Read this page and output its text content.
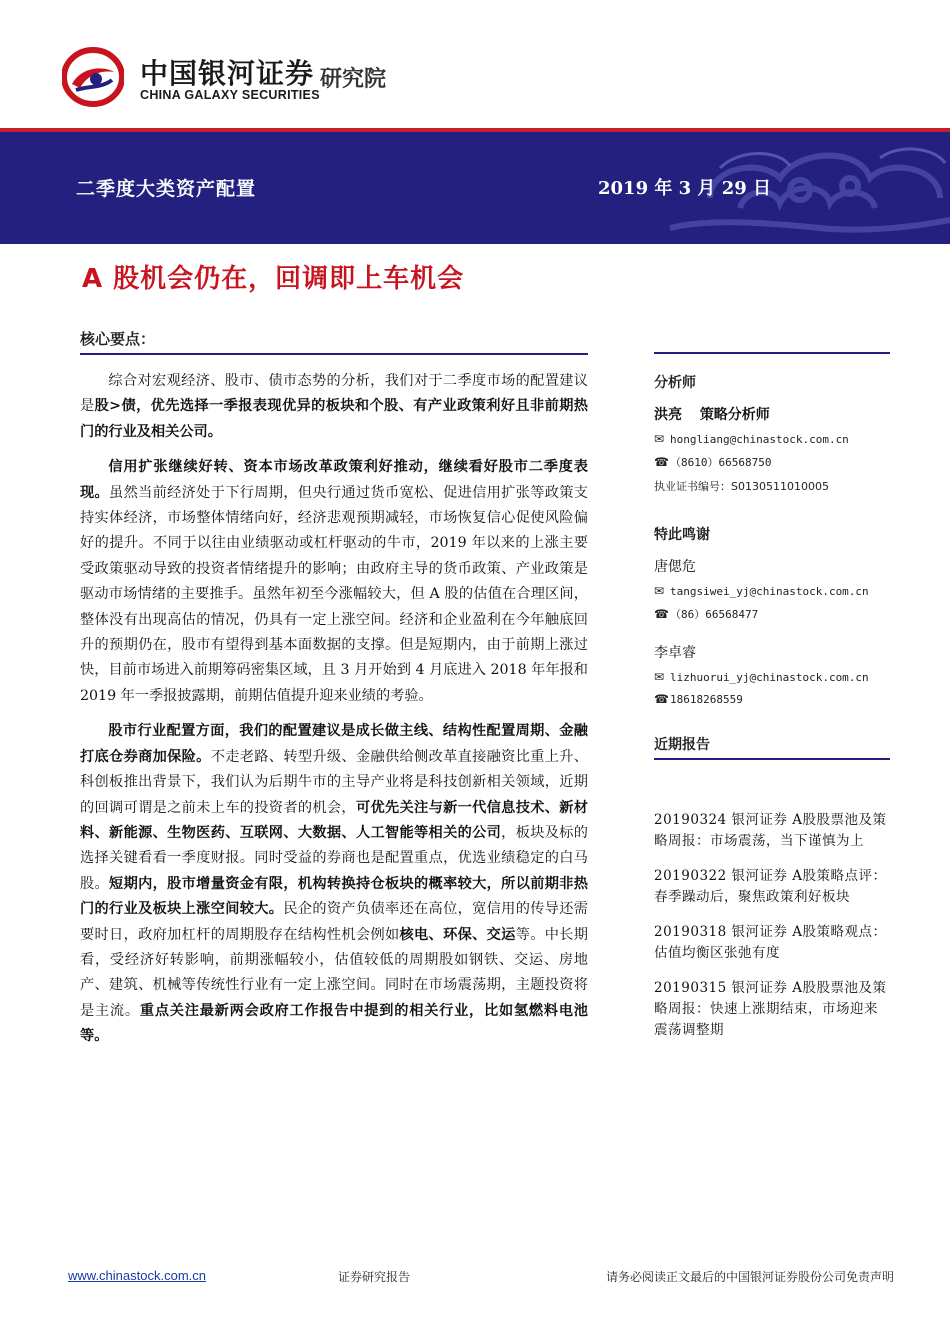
中国银河证券
CHINA GALAXY SECURITIES
研究院
二季度大类资产配置	2019 年 3 月 29 日
A 股机会仍在，回调即上车机会
核心要点：

综合对宏观经济、股市、债市态势的分析，我们对于二季度市场的配置建议是股>债，优先选择一季报表现优异的板块和个股、有产业政策利好且非前期热门的行业及相关公司。

信用扩张继续好转、资本市场改革政策利好推动，继续看好股市二季度表现。虽然当前经济处于下行周期，但央行通过货币宽松、促进信用扩张等政策支持实体经济，市场整体情绪向好，经济悲观预期减轻，市场恢复信心促使风险偏好的提升。不同于以往由业绩驱动或杠杆驱动的牛市，2019 年以来的上涨主要受政策驱动导致的投资者情绪提升的影响；由政府主导的货币政策、产业政策是驱动市场情绪的主要推手。虽然年初至今涨幅较大，但 A 股的估值在合理区间，整体没有出现高估的情况，仍具有一定上涨空间。经济和企业盈利在今年触底回升的预期仍在，股市有望得到基本面数据的支撑。但是短期内，由于前期上涨过快，目前市场进入前期筹码密集区域，且 3 月开始到 4 月底进入 2018 年年报和 2019 年一季报披露期，前期估值提升迎来业绩的考验。

股市行业配置方面，我们的配置建议是成长做主线、结构性配置周期、金融打底仓券商加保险。不走老路、转型升级、金融供给侧改革直接融资比重上升、科创板推出背景下，我们认为后期牛市的主导产业将是科技创新相关领域，近期的回调可谓是之前未上车的投资者的机会，可优先关注与新一代信息技术、新材料、新能源、生物医药、互联网、大数据、人工智能等相关的公司，板块及标的选择关键看看一季度财报。同时受益的券商也是配置重点，优选业绩稳定的白马股。短期内，股市增量资金有限，机构转换持仓板块的概率较大，所以前期非热门的行业及板块上涨空间较大。民企的资产负债率还在高位，宽信用的传导还需要时日，政府加杠杆的周期股存在结构性机会例如核电、环保、交运等。中长期看，受经济好转影响，前期涨幅较小，估值较低的周期股如钢铁、交运、房地产、建筑、机械等传统性行业有一定上涨空间。同时在市场震荡期，主题投资将是主流。重点关注最新两会政府工作报告中提到的相关行业，比如氢燃料电池等。

分析师
洪亮 策略分析师
✉ hongliang@chinastock.com.cn
☎ （8610）66568750
执业证书编号：S0130511010005
特此鸣谢
唐偲危
✉ tangsiwei_yj@chinastock.com.cn
☎ （86）66568477
李卓睿
✉ lizhuorui_yj@chinastock.com.cn
☎ 18618268559
近期报告
20190324 银河证券 A股股票池及策略周报：市场震荡，当下谨慎为上
20190322 银河证券 A股策略点评：春季躁动后，聚焦政策利好板块
20190318 银河证券 A股策略观点：估值均衡区张弛有度
20190315 银河证券 A股股票池及策略周报：快速上涨期结束，市场迎来震荡调整期
www.chinastock.com.cn	证券研究报告	请务必阅读正文最后的中国银河证券股份公司免责声明
